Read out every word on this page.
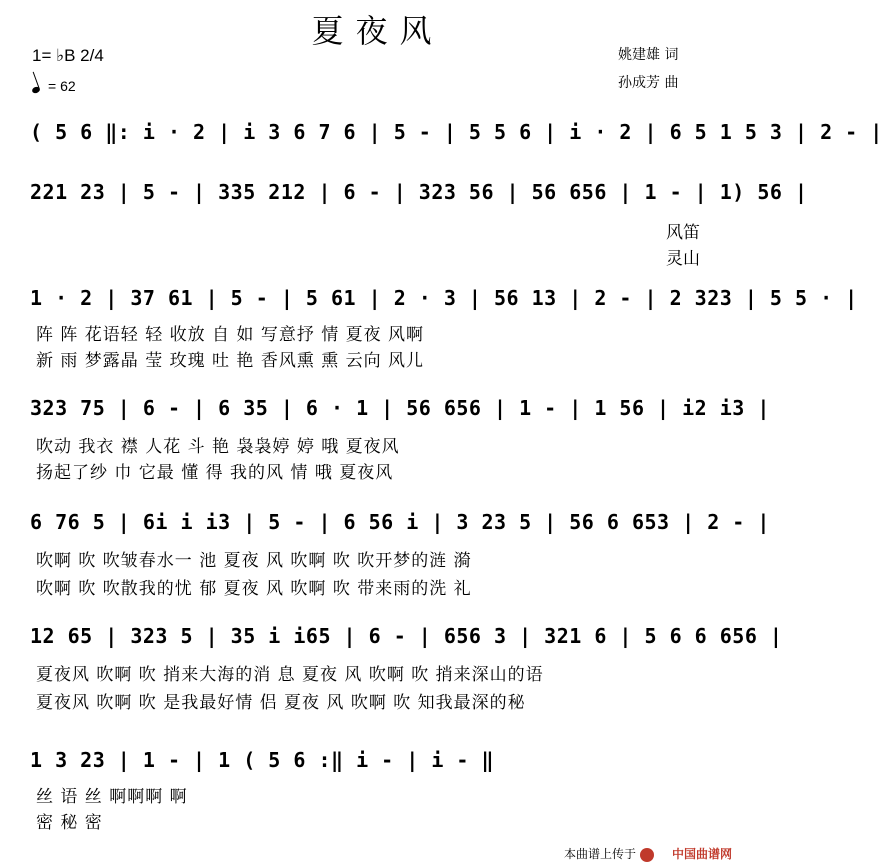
夏夜风
1= ♭B 2/4
= 62
姚建雄 词
孙成芳 曲
( 5 6 ‖: i · 2 | i 3 6 7 6 | 5 - | 5 5 6 | i · 2 | 6 5 1 5 3 | 2 - |
221 23 | 5 - | 335 212 | 6 - | 323 56 | 56 656 | 1 - | 1) 56 |
风笛
灵山
1 · 2 | 37 61 | 5 - | 5 61 | 2 · 3 | 56 13 | 2 - | 2 323 | 5 5 · |
阵 阵 花语轻 轻 收放 自 如 写意抒 情 夏夜 风啊
新 雨 梦露晶 莹 玫瑰 吐 艳 香风熏 熏 云向 风儿
323 75 | 6 - | 6 35 | 6 · 1 | 56 656 | 1 - | 1 56 | i2 i3 |
吹动 我衣 襟 人花 斗 艳 袅袅婷 婷 哦 夏夜风
扬起了纱 巾 它最 懂 得 我的风 情 哦 夏夜风
6 76 5 | 6i i i3 | 5 - | 6 56 i | 3 23 5 | 56 6 653 | 2 - |
吹啊 吹 吹皱春水一 池 夏夜 风 吹啊 吹 吹开梦的涟 漪
吹啊 吹 吹散我的忧 郁 夏夜 风 吹啊 吹 带来雨的洗 礼
12 65 | 323 5 | 35 i i65 | 6 - | 656 3 | 321 6 | 5 6 6 656 |
夏夜风 吹啊 吹 捎来大海的消 息 夏夜 风 吹啊 吹 捎来深山的语
夏夜风 吹啊 吹 是我最好情 侣 夏夜 风 吹啊 吹 知我最深的秘
1 3 23 | 1 - | 1 ( 5 6 :‖ i - | i - ‖
丝 语 丝 啊啊啊 啊
密 秘 密
本曲谱上传于	中国曲谱网
